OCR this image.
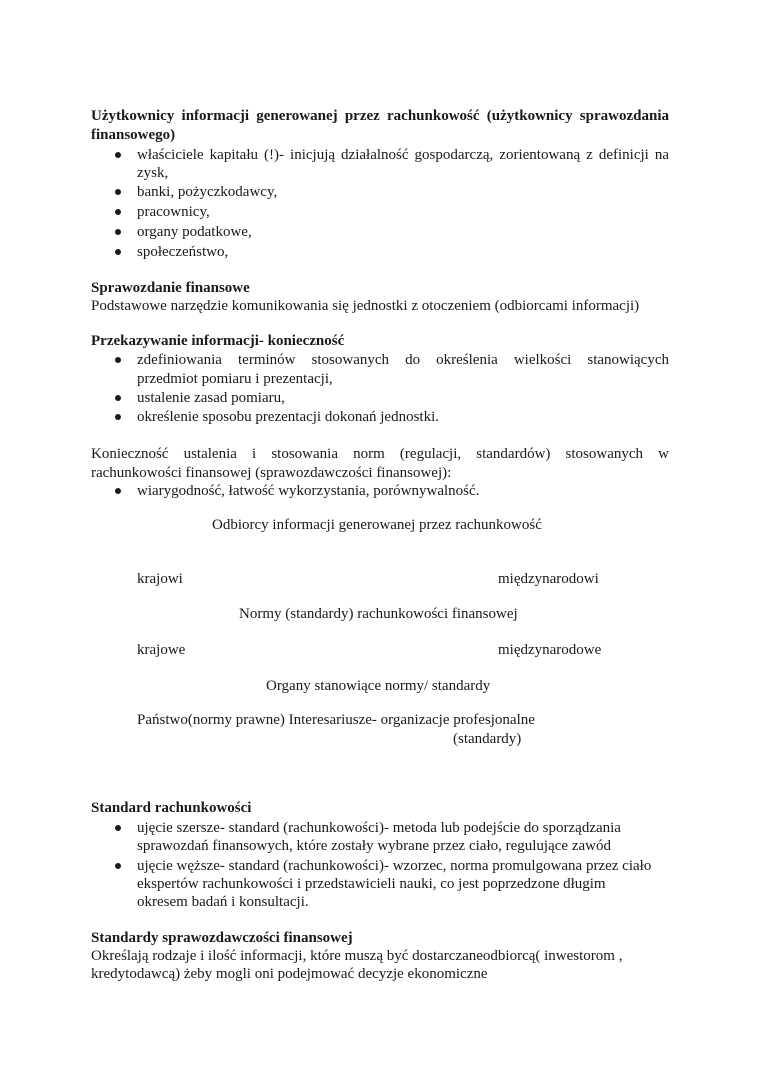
Użytkownicy informacji generowanej przez rachunkowość (użytkownicy sprawozdania
finansowego)
właściciele kapitału (!)- inicjują działalność gospodarczą, zorientowaną z definicji na
zysk,
banki, pożyczkodawcy,
pracownicy,
organy podatkowe,
społeczeństwo,
Sprawozdanie finansowe
Podstawowe narzędzie komunikowania się jednostki z otoczeniem (odbiorcami informacji)
Przekazywanie informacji- konieczność
zdefiniowania terminów stosowanych do określenia wielkości stanowiących
przedmiot pomiaru i prezentacji,
ustalenie zasad pomiaru,
określenie sposobu prezentacji dokonań jednostki.
Konieczność ustalenia i stosowania norm (regulacji, standardów) stosowanych w
rachunkowości finansowej (sprawozdawczości finansowej):
wiarygodność, łatwość wykorzystania, porównywalność.
Odbiorcy informacji generowanej przez rachunkowość
krajowi	międzynarodowi
Normy (standardy) rachunkowości finansowej
krajowe	międzynarodowe
Organy stanowiące normy/ standardy
Państwo(normy prawne) Interesariusze- organizacje profesjonalne
(standardy)
Standard rachunkowości
ujęcie szersze- standard (rachunkowości)- metoda lub podejście do sporządzania
sprawozdań finansowych, które zostały wybrane przez ciało, regulujące zawód
ujęcie węższe- standard (rachunkowości)- wzorzec, norma promulgowana przez ciało
ekspertów rachunkowości i przedstawicieli nauki, co jest poprzedzone długim
okresem badań i konsultacji.
Standardy sprawozdawczości finansowej
Określają rodzaje i ilość informacji, które muszą być dostarczaneodbiorcą( inwestorom ,
kredytodawcą) żeby mogli oni podejmować decyzje ekonomiczne
